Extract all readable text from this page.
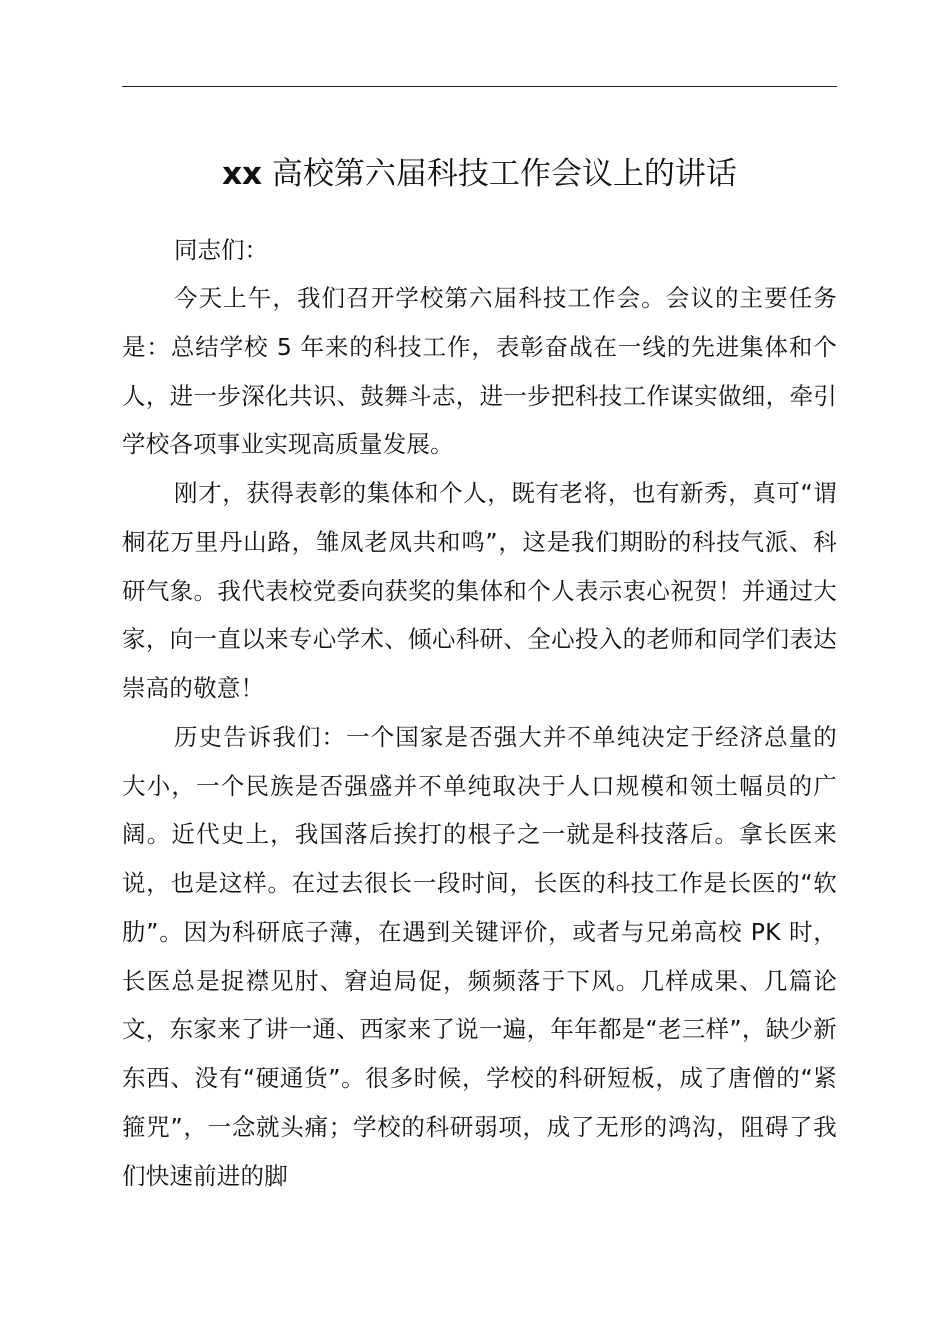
xx 高校第六届科技工作会议上的讲话

同志们：

今天上午，我们召开学校第六届科技工作会。会议的主要任务是：总结学校 5 年来的科技工作，表彰奋战在一线的先进集体和个人，进一步深化共识、鼓舞斗志，进一步把科技工作谋实做细，牵引学校各项事业实现高质量发展。

刚才，获得表彰的集体和个人，既有老将，也有新秀，真可“谓桐花万里丹山路，雏凤老凤共和鸣”，这是我们期盼的科技气派、科研气象。我代表校党委向获奖的集体和个人表示衷心祝贺！并通过大家，向一直以来专心学术、倾心科研、全心投入的老师和同学们表达崇高的敬意！

历史告诉我们：一个国家是否强大并不单纯决定于经济总量的大小，一个民族是否强盛并不单纯取决于人口规模和领土幅员的广阔。近代史上，我国落后挨打的根子之一就是科技落后。拿长医来说，也是这样。在过去很长一段时间，长医的科技工作是长医的“软肋”。因为科研底子薄，在遇到关键评价，或者与兄弟高校 PK 时，长医总是捉襟见肘、窘迫局促，频频落于下风。几样成果、几篇论文，东家来了讲一通、西家来了说一遍，年年都是“老三样”，缺少新东西、没有“硬通货”。很多时候，学校的科研短板，成了唐僧的“紧箍咒”，一念就头痛；学校的科研弱项，成了无形的鸿沟，阻碍了我们快速前进的脚
